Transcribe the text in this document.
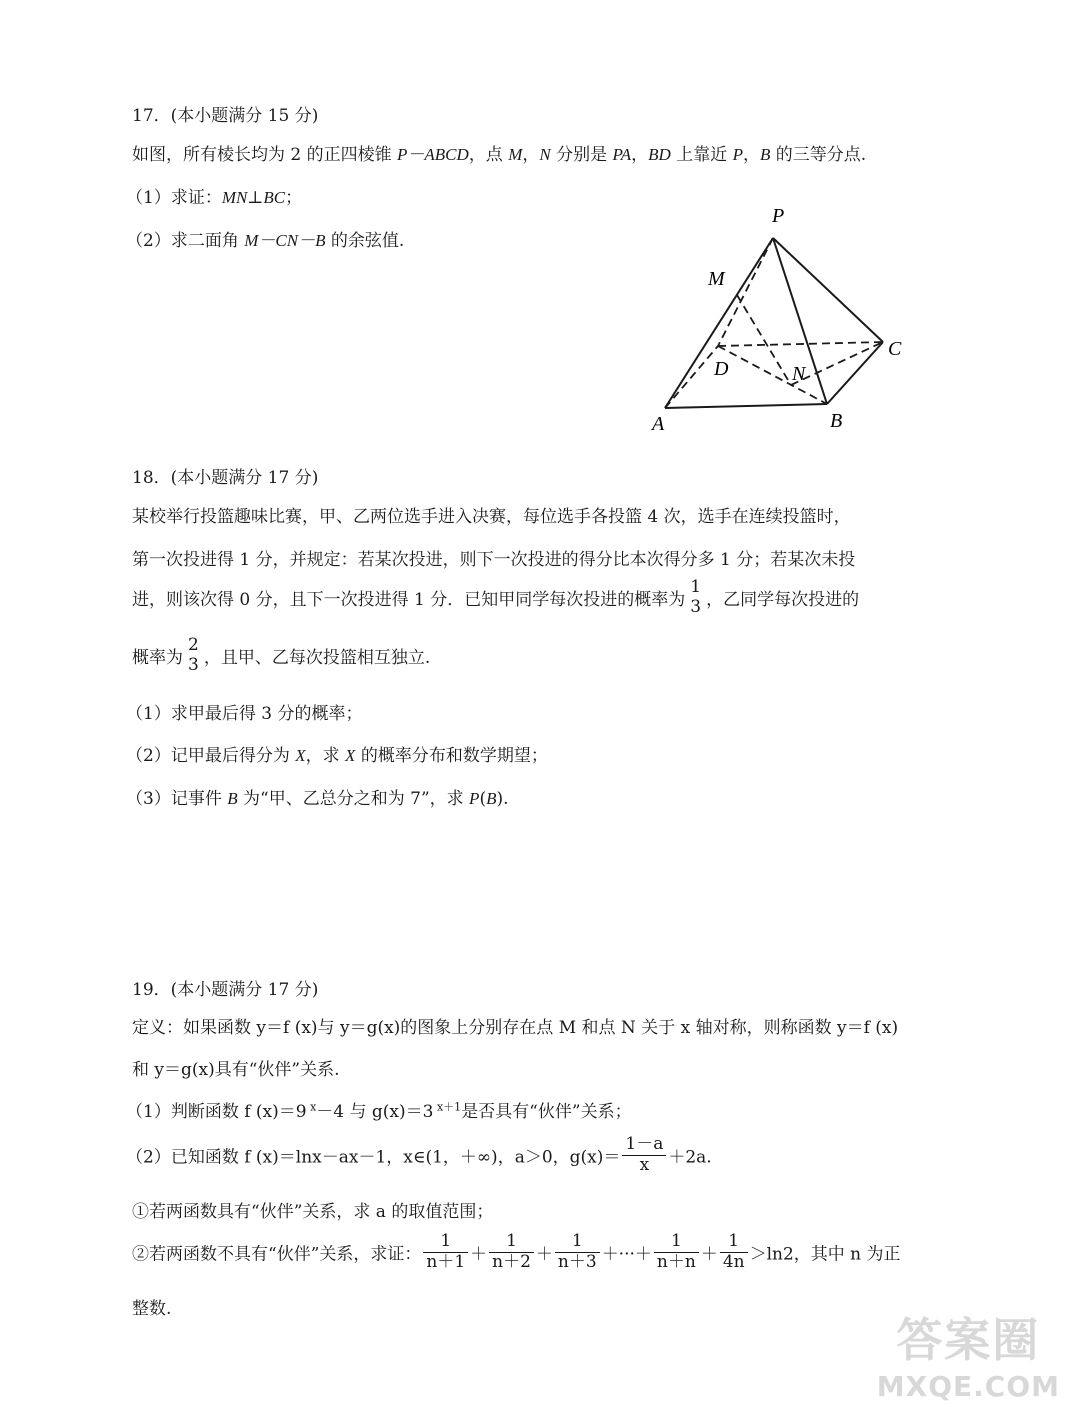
17．(本小题满分 15 分)
如图，所有棱长均为 2 的正四棱锥 P－ABCD，点 M，N 分别是 PA，BD 上靠近 P，B 的三等分点.
（1）求证：MN⊥BC；
（2）求二面角 M－CN－B 的余弦值.
P
M
C
D	N
A	B
18．(本小题满分 17 分)
某校举行投篮趣味比赛，甲、乙两位选手进入决赛，每位选手各投篮 4 次，选手在连续投篮时，
第一次投进得 1 分，并规定：若某次投进，则下一次投进的得分比本次得分多 1 分；若某次未投
进，则该次得 0 分，且下一次投进得 1 分．已知甲同学每次投进的概率为
1
3 ，乙同学每次投进的
概率为
2
3 ，且甲、乙每次投篮相互独立.
（1）求甲最后得 3 分的概率；
（2）记甲最后得分为 X，求 X 的概率分布和数学期望；
（3）记事件 B 为“甲、乙总分之和为 7”，求 P(B).
19．(本小题满分 17 分)
定义：如果函数 y＝f (x)与 y＝g(x)的图象上分别存在点 M 和点 N 关于 x 轴对称，则称函数 y＝f (x)
和 y＝g(x)具有“伙伴”关系.
（1）判断函数 f (x)＝9 $^x$－4 与 g(x)＝3 $^{x+1}$是否具有“伙伴”关系；
（2）已知函数 f (x)＝lnx－ax－1，x∈(1，＋∞)，a＞0，$g(x)= \frac{1-a}{x} +2a$.
①若两函数具有“伙伴”关系，求 a 的取值范围；
②若两函数不具有“伙伴”关系，求证： $\frac{1}{n+1} + \frac{1}{n+2} + \frac{1}{n+3}$ ＋···＋ $\frac{1}{n+n} + \frac{1}{4n} >\ln 2$，其中 n 为正
整数.
答案圈
MXQE.COM
